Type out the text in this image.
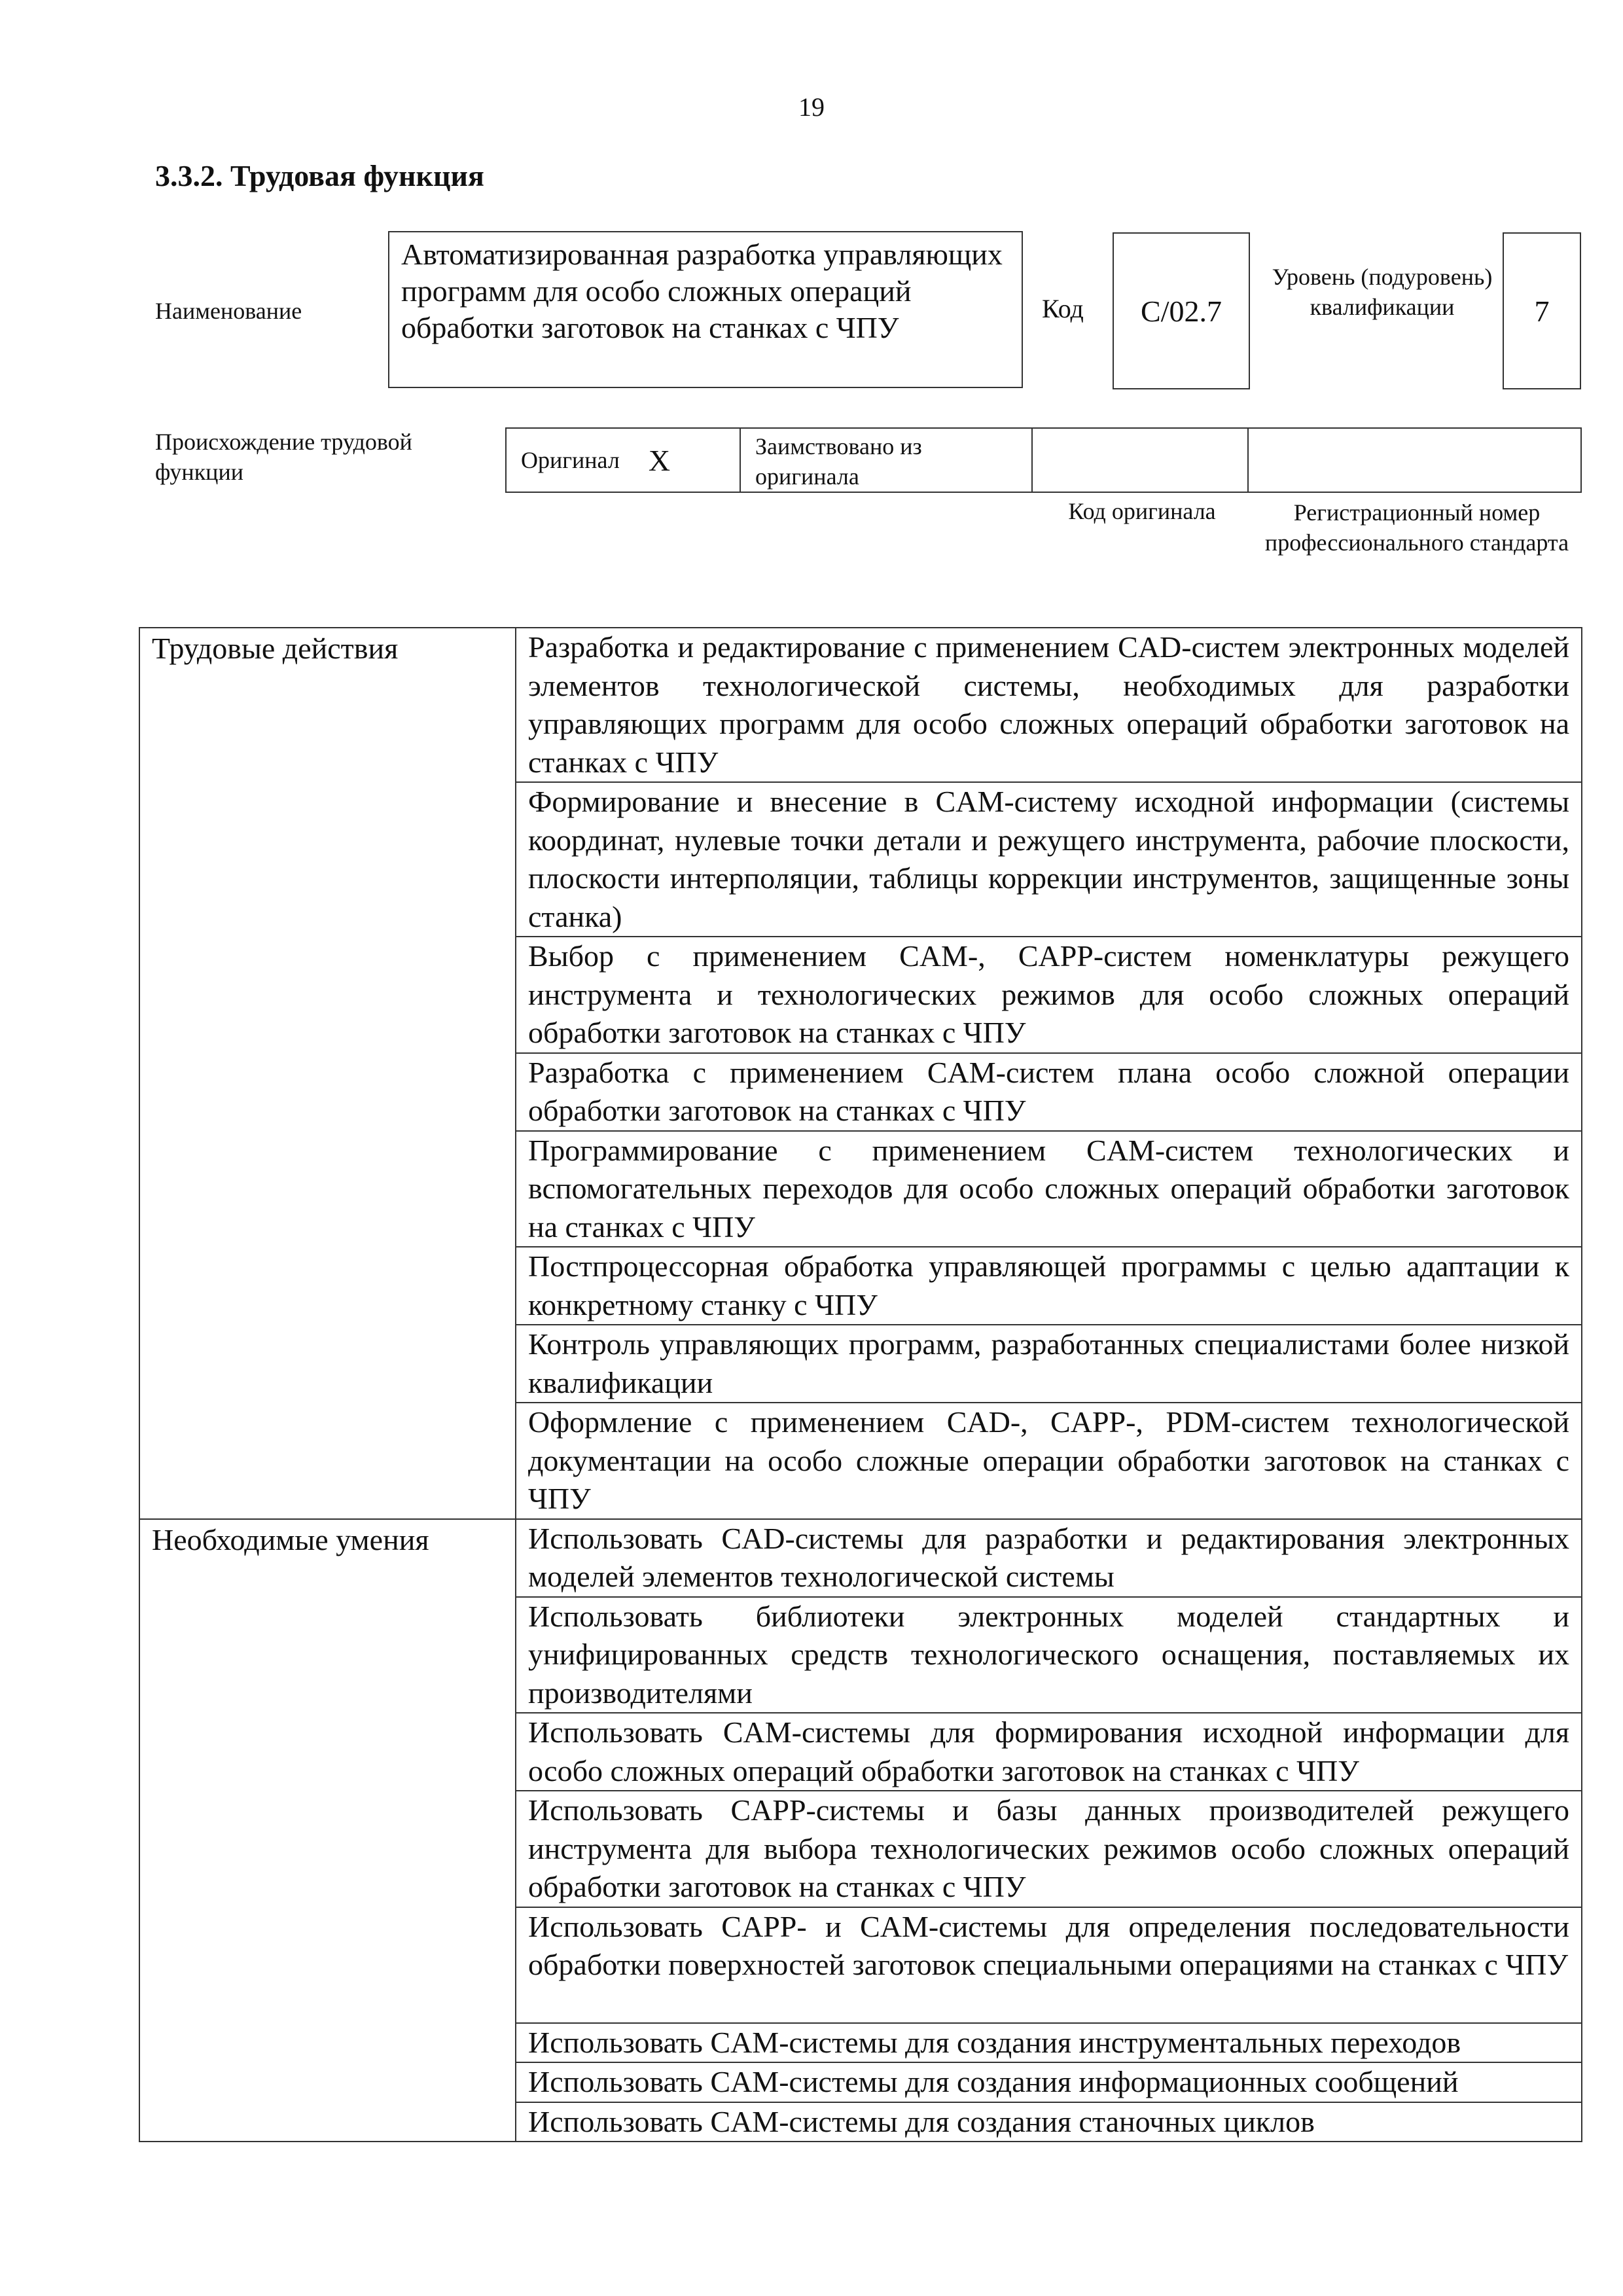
19
3.3.2. Трудовая функция
Наименование
Автоматизированная разработка управляющих программ для особо сложных операций обработки заготовок на станках с ЧПУ
Код C/02.7
Уровень (подуровень) квалификации	7
Происхождение трудовой функции	Оригинал X	Заимствовано из оригинала
Код оригинала	Регистрационный номер профессионального стандарта
Трудовые действия	Разработка и редактирование с применением CAD-систем электронных моделей элементов технологической системы, необходимых для разработки управляющих программ для особо сложных операций обработки заготовок на станках с ЧПУ
	Формирование и внесение в CAM-систему исходной информации (системы координат, нулевые точки детали и режущего инструмента, рабочие плоскости, плоскости интерполяции, таблицы коррекции инструментов, защищенные зоны станка)
	Выбор с применением CAM-, CAPP-систем номенклатуры режущего инструмента и технологических режимов для особо сложных операций обработки заготовок на станках с ЧПУ
	Разработка с применением CAM-систем плана особо сложной операции обработки заготовок на станках с ЧПУ
	Программирование с применением CAM-систем технологических и вспомогательных переходов для особо сложных операций обработки заготовок на станках с ЧПУ
	Постпроцессорная обработка управляющей программы с целью адаптации к конкретному станку с ЧПУ
	Контроль управляющих программ, разработанных специалистами более низкой квалификации
	Оформление с применением CAD-, CAPP-, PDM-систем технологической документации на особо сложные операции обработки заготовок на станках с ЧПУ
Необходимые умения	Использовать CAD-системы для разработки и редактирования электронных моделей элементов технологической системы
	Использовать библиотеки электронных моделей стандартных и унифицированных средств технологического оснащения, поставляемых их производителями
	Использовать CAM-системы для формирования исходной информации для особо сложных операций обработки заготовок на станках с ЧПУ
	Использовать CAPP-системы и базы данных производителей режущего инструмента для выбора технологических режимов особо сложных операций обработки заготовок на станках с ЧПУ
	Использовать CAPP- и CAM-системы для определения последовательности обработки поверхностей заготовок специальными операциями на станках с ЧПУ
	Использовать CAM-системы для создания инструментальных переходов
	Использовать CAM-системы для создания информационных сообщений
	Использовать CAM-системы для создания станочных циклов
